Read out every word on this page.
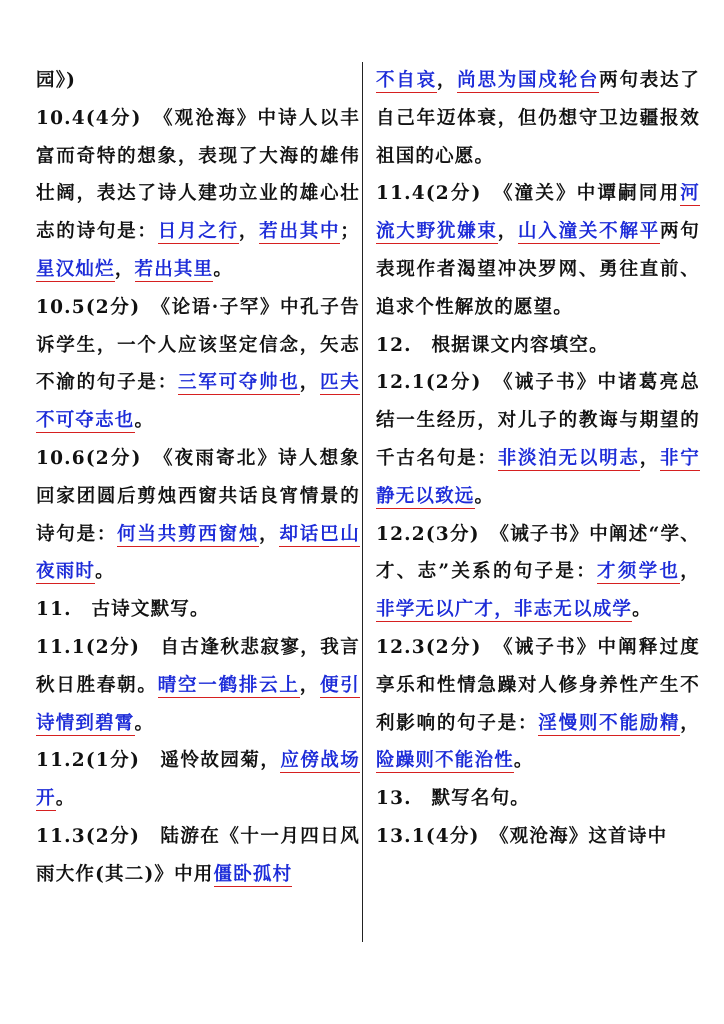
园》)

10.4(4分)　《观沧海》中诗人以丰富而奇特的想象，表现了大海的雄伟壮阔，表达了诗人建功立业的雄心壮志的诗句是：日月之行，若出其中；星汉灿烂，若出其里。

10.5(2分)　《论语·子罕》中孔子告诉学生，一个人应该坚定信念，矢志不渝的句子是：三军可夺帅也，匹夫不可夺志也。

10.6(2分)　《夜雨寄北》诗人想象回家团圆后剪烛西窗共话良宵情景的诗句是：何当共剪西窗烛，却话巴山夜雨时。

11.　古诗文默写。

11.1(2分)　自古逢秋悲寂寥，我言秋日胜春朝。晴空一鹤排云上，便引诗情到碧霄。

11.2(1分)　遥怜故园菊，应傍战场开。

11.3(2分)　陆游在《十一月四日风雨大作(其二)》中用僵卧孤村

不自哀，尚思为国戍轮台两句表达了自己年迈体衰，但仍想守卫边疆报效祖国的心愿。

11.4(2分)　《潼关》中谭嗣同用河流大野犹嫌束，山入潼关不解平两句表现作者渴望冲决罗网、勇往直前、追求个性解放的愿望。

12.　根据课文内容填空。

12.1(2分)　《诫子书》中诸葛亮总结一生经历，对儿子的教诲与期望的千古名句是：非淡泊无以明志，非宁静无以致远。

12.2(3分)　《诫子书》中阐述“学、才、志”关系的句子是：才须学也，非学无以广才，非志无以成学。

12.3(2分)　《诫子书》中阐释过度享乐和性情急躁对人修身养性产生不利影响的句子是：淫慢则不能励精，险躁则不能治性。

13.　默写名句。

13.1(4分)　《观沧海》这首诗中
